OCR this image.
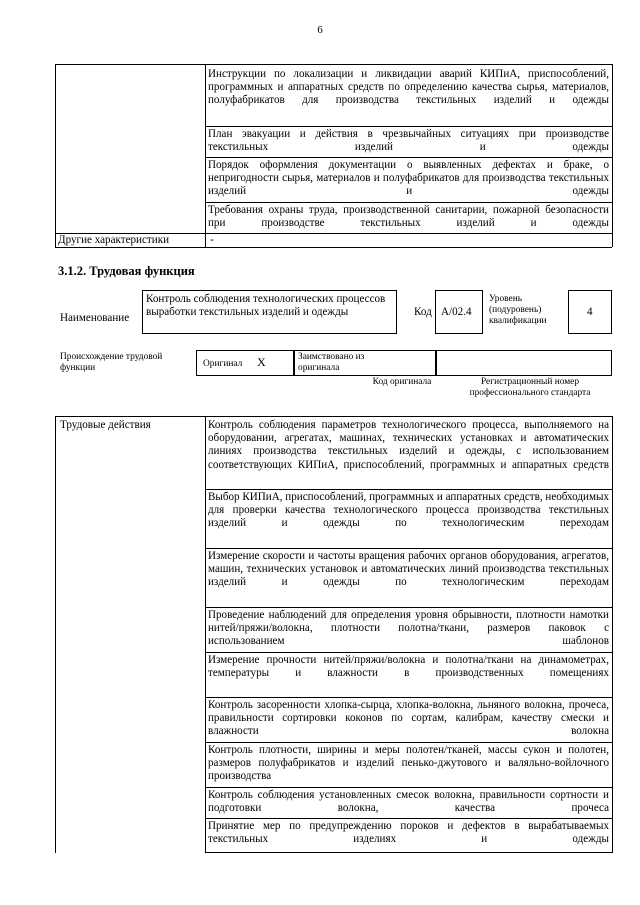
6
Инструкции по локализации и ликвидации аварий КИПиА, приспособлений, программных и аппаратных средств по определению качества сырья, материалов, полуфабрикатов для производства текстильных изделий и одежды
План эвакуации и действия в чрезвычайных ситуациях при производстве текстильных изделий и одежды
Порядок оформления документации о выявленных дефектах и браке, о непригодности сырья, материалов и полуфабрикатов для производства текстильных изделий и одежды
Требования охраны труда, производственной санитарии, пожарной безопасности при производстве текстильных изделий и одежды
Другие характеристики	-
3.1.2. Трудовая функция
Наименование
Контроль соблюдения технологических процессов выработки текстильных изделий и одежды	Код A/02.4
Уровень (подуровень) квалификации
4
Происхождение трудовой функции	Оригинал X	Заимствовано из оригинала
Код оригинала	Регистрационный номер профессионального стандарта
Трудовые действия	Контроль соблюдения параметров технологического процесса, выполняемого на оборудовании, агрегатах, машинах, технических установках и автоматических линиях производства текстильных изделий и одежды, с использованием соответствующих КИПиА, приспособлений, программных и аппаратных средств
Выбор КИПиА, приспособлений, программных и аппаратных средств, необходимых для проверки качества технологического процесса производства текстильных изделий и одежды по технологическим переходам
Измерение скорости и частоты вращения рабочих органов оборудования, агрегатов, машин, технических установок и автоматических линий производства текстильных изделий и одежды по технологическим переходам
Проведение наблюдений для определения уровня обрывности, плотности намотки нитей/пряжи/волокна, плотности полотна/ткани, размеров паковок с использованием шаблонов
Измерение прочности нитей/пряжи/волокна и полотна/ткани на динамометрах, температуры и влажности в производственных помещениях
Контроль засоренности хлопка-сырца, хлопка-волокна, льняного волокна, прочеса, правильности сортировки коконов по сортам, калибрам, качеству смески и влажности волокна
Контроль плотности, ширины и меры полотен/тканей, массы сукон и полотен, размеров полуфабрикатов и изделий пенько-джутового и валяльно-войлочного производства
Контроль соблюдения установленных смесок волокна, правильности сортности и подготовки волокна, качества прочеса
Принятие мер по предупреждению пороков и дефектов в вырабатываемых текстильных изделиях и одежды
